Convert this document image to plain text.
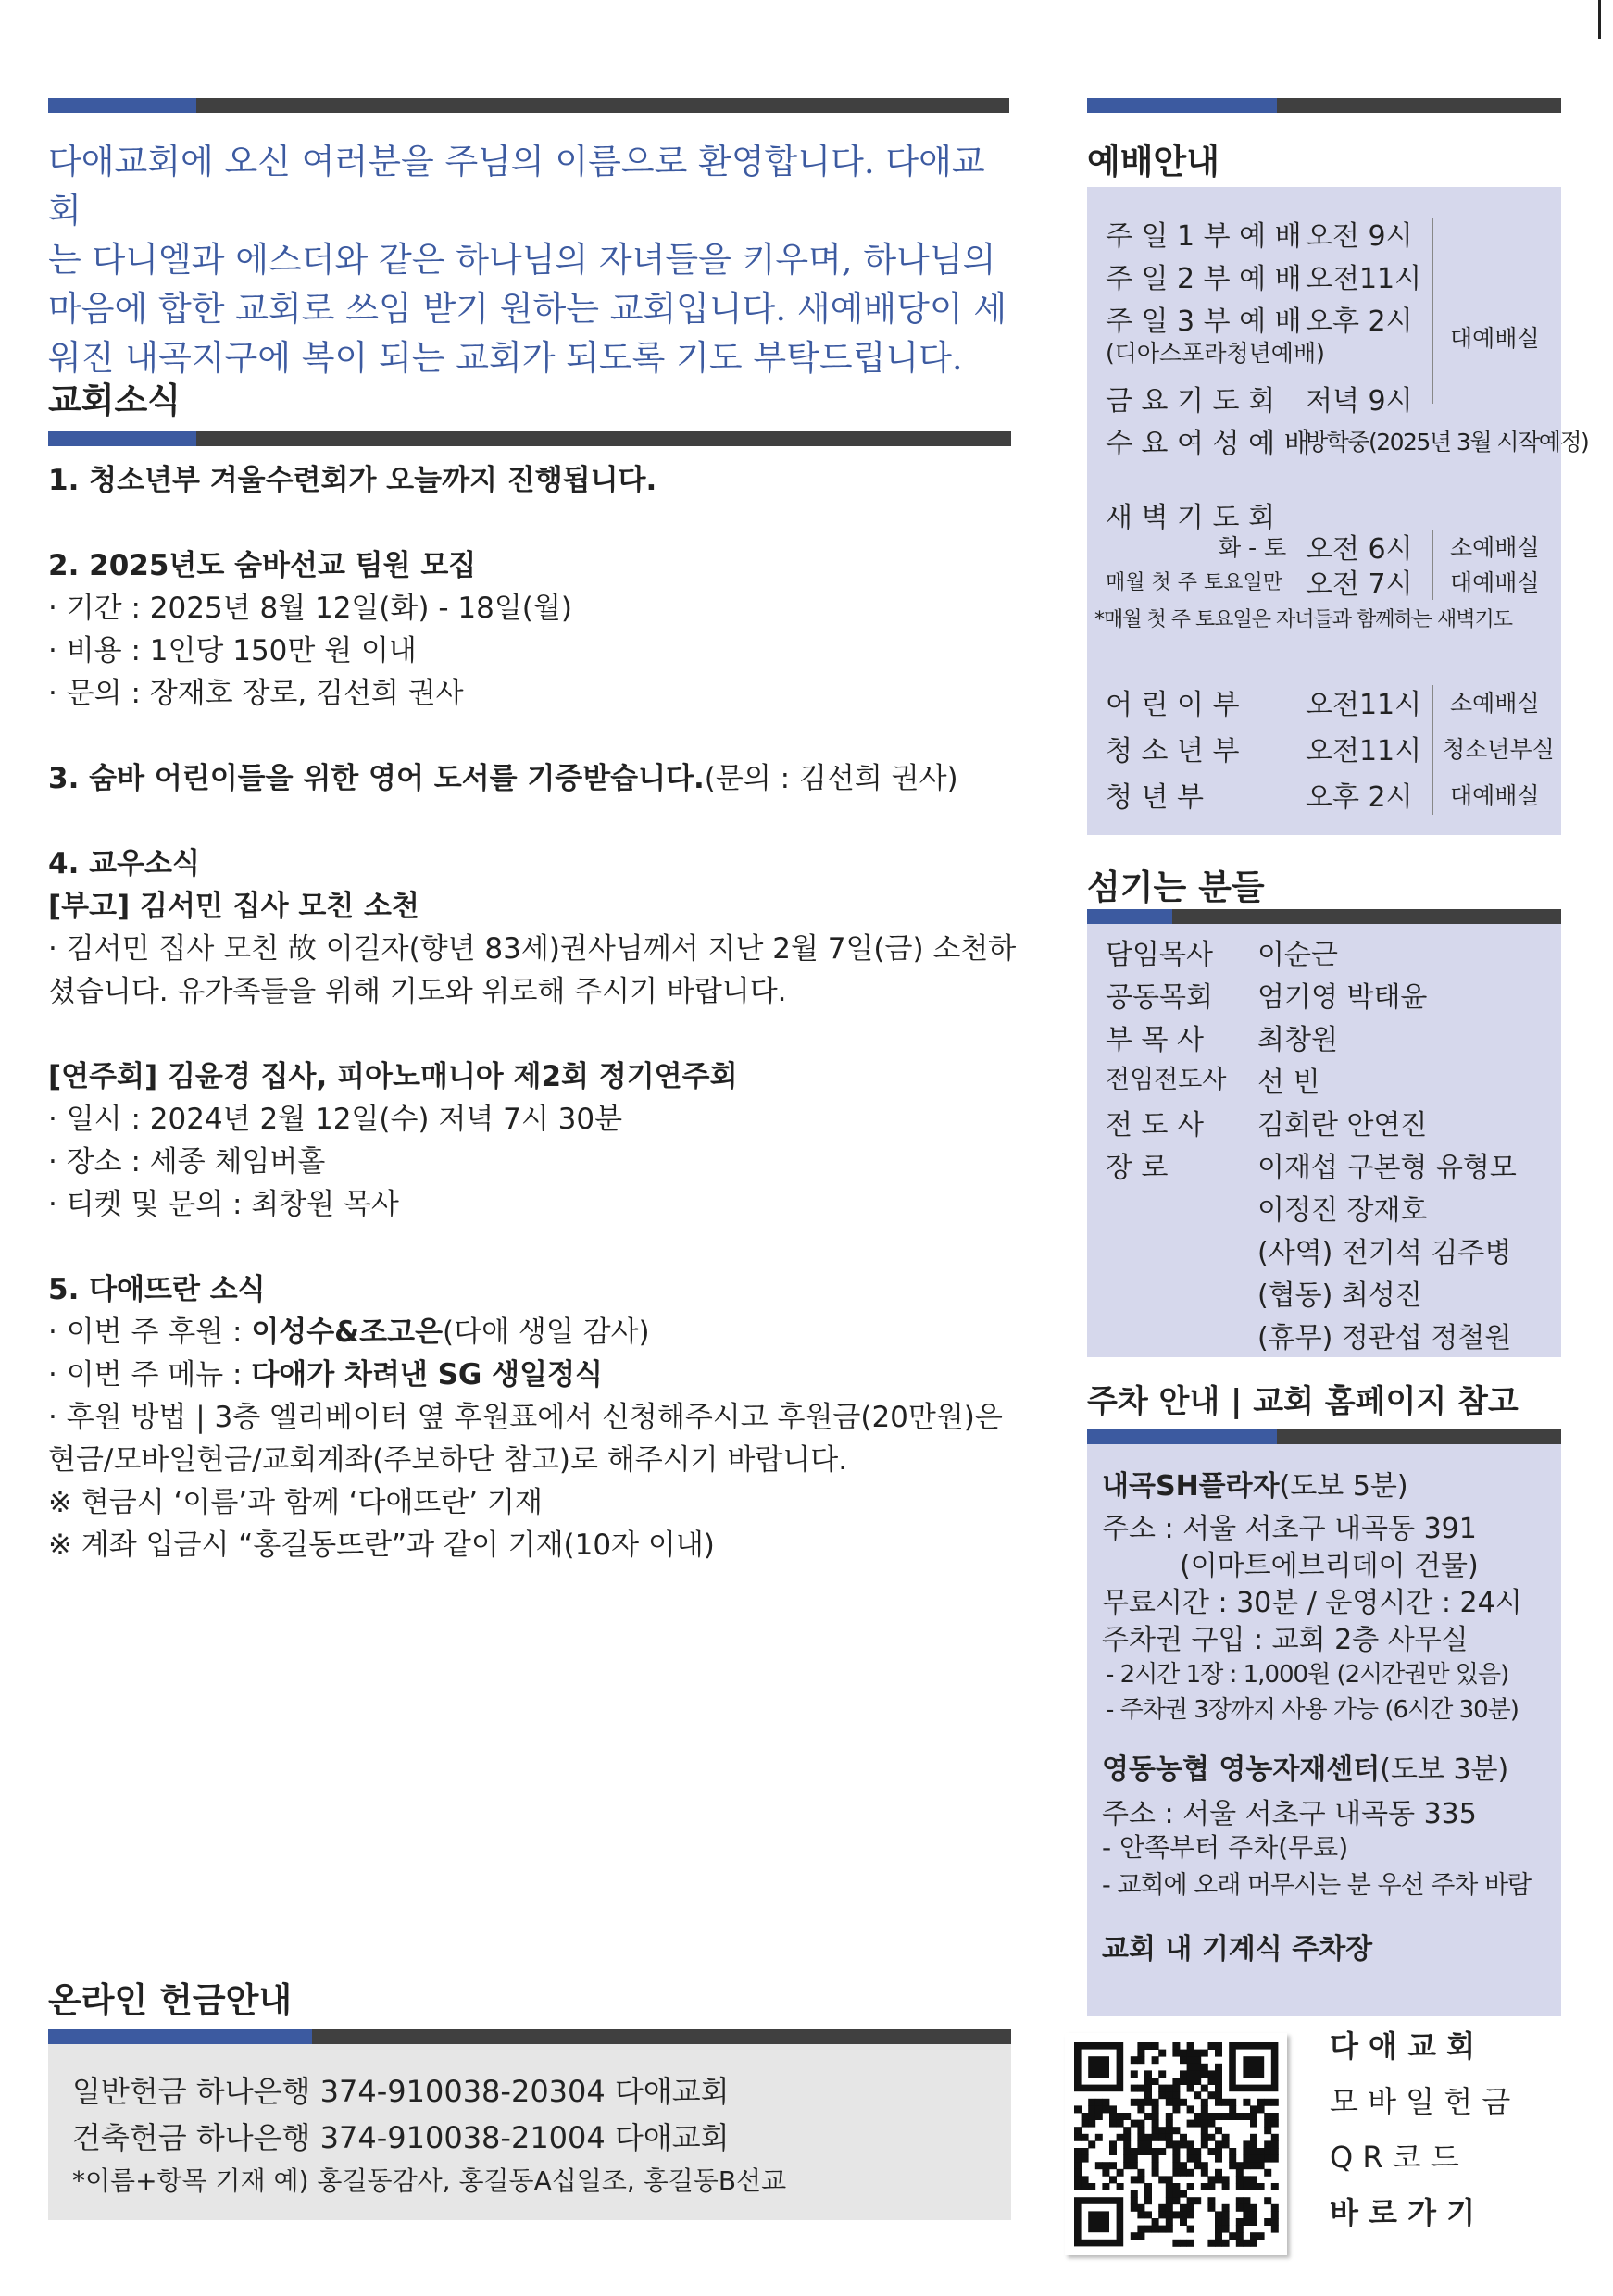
다애교회에 오신 여러분을 주님의 이름으로 환영합니다. 다애교회
는 다니엘과 에스더와 같은 하나님의 자녀들을 키우며, 하나님의
마음에 합한 교회로 쓰임 받기 원하는 교회입니다. 새예배당이 세
워진 내곡지구에 복이 되는 교회가 되도록 기도 부탁드립니다.
교회소식
1. 청소년부 겨울수련회가 오늘까지 진행됩니다.
2. 2025년도 숨바선교 팀원 모집
· 기간 : 2025년 8월 12일(화) - 18일(월)
· 비용 : 1인당 150만 원 이내
· 문의 : 장재호 장로, 김선희 권사
3. 숨바 어린이들을 위한 영어 도서를 기증받습니다.(문의 : 김선희 권사)
4. 교우소식
[부고] 김서민 집사 모친 소천
· 김서민 집사 모친 故 이길자(향년 83세)권사님께서 지난 2월 7일(금) 소천하
셨습니다. 유가족들을 위해 기도와 위로해 주시기 바랍니다.
[연주회] 김윤경 집사, 피아노매니아 제2회 정기연주회
· 일시 : 2024년 2월 12일(수) 저녁 7시 30분
· 장소 : 세종 체임버홀
· 티켓 및 문의 : 최창원 목사
5. 다애뜨란 소식
· 이번 주 후원 : 이성수&조고은(다애 생일 감사)
· 이번 주 메뉴 : 다애가 차려낸 SG 생일정식
· 후원 방법 | 3층 엘리베이터 옆 후원표에서 신청해주시고 후원금(20만원)은
현금/모바일현금/교회계좌(주보하단 참고)로 해주시기 바랍니다.
※ 현금시 ‘이름’과 함께 ‘다애뜨란’ 기재
※ 계좌 입금시 “홍길동뜨란”과 같이 기재(10자 이내)
온라인 헌금안내
일반헌금 하나은행 374-910038-20304 다애교회
건축헌금 하나은행 374-910038-21004 다애교회
*이름+항목 기재 예) 홍길동감사, 홍길동A십일조, 홍길동B선교
예배안내
주 일 1 부 예 배 오전 9시
주 일 2 부 예 배 오전11시
주 일 3 부 예 배 오후 2시
(디아스포라청년예배)
금 요 기 도 회 저녁 9시
수 요 여 성 예 배
방학중(2025년 3월 시작예정)
대예배실
새 벽 기 도 회
화 - 토 오전 6시 소예배실
매월 첫 주 토요일만 오전 7시 대예배실
*매월 첫 주 토요일은 자녀들과 함께하는 새벽기도
어 린 이 부 오전11시 소예배실
청 소 년 부 오전11시 청소년부실
청 년 부	오후 2시 대예배실
섬기는 분들
담임목사 이순근
공동목회 엄기영 박태윤
부 목 사 최창원
전임전도사 선 빈
전 도 사 김회란 안연진
장 로	이재섭 구본형 유형모
이정진 장재호
(사역) 전기석 김주병
(협동) 최성진
(휴무) 정관섭 정철원
주차 안내 | 교회 홈페이지 참고
내곡SH플라자(도보 5분)
주소 : 서울 서초구 내곡동 391
(이마트에브리데이 건물)
무료시간 : 30분 / 운영시간 : 24시
주차권 구입 : 교회 2층 사무실
- 2시간 1장 : 1,000원 (2시간권만 있음)
- 주차권 3장까지 사용 가능 (6시간 30분)
영동농협 영농자재센터(도보 3분)
주소 : 서울 서초구 내곡동 335
- 안쪽부터 주차(무료)
- 교회에 오래 머무시는 분 우선 주차 바람
교회 내 기계식 주차장
다 애 교 회
모 바 일 헌 금
Q R 코 드
바 로 가 기
